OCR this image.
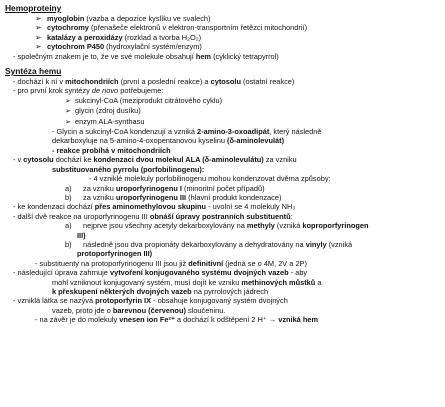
Hemoproteiny
➢ myoglobin (vazba a depozice kyslíku ve svalech)
➢ cytochromy (přenašeče elektronů v elektron-transportním řetězci mitochondrií)
➢ katalázy a peroxidázy (rozklad a tvorba H₂O₂)
➢ cytochrom P450 (hydroxylační systém/enzym)
- společným znakem je to, že ve své molekule obsahují hem (cyklický tetrapyrrol)
Syntéza hemu
- dochází k ní v mitochondriích (první a poslední reakce) a cytosolu (ostatní reakce)
- pro první krok syntézy de novo potřebujeme:
➢ sukcinyl-CoA (meziprodukt citrátového cyklu)
➢ glycin (zdroj dusíku)
➢ enzym ALA-synthasu
- Glycin a sukcinyl-CoA kondenzují a vzniká 2-amino-3-oxoadipát, který následně
dekarboxyluje na 5-amino-4-oxopentanovou kyselinu (δ-aminolevulát)
- reakce probíhá v mitochondriích
- v cytosolu dochází ke kondenzaci dvou molekul ALA (δ-aminolevulátu) za vzniku
substituovaného pyrrolu (porfobilinogenu):
- 4 vzniklé molekuly porfobilinogenu mohou kondenzovat dvěma způsoby:
a) za vzniku uroporfyrinogenu I (minoritní počet případů)
b) za vzniku uroporfyrinogenu III (hlavní produkt kondenzace)
- ke kondenzaci dochází přes aminomethylovou skupinu - uvolní se 4 molekuly NH₃
- další dvě reakce na uroporfyrinogenu III obnáší úpravy postranních substituentů:
a) nejprve jsou všechny acetyly dekarboxylovány na methyly (vzniká koproporfyrinogen
III)
b) následně jsou dva propionáty dekarboxylovány a dehydratovány na vinyly (vzniká
protoporfyrinogen III)
- substituenty na protoporfyrinogenu III jsou již definitivní (jedná se o 4M, 2V a 2P)
- následující úprava zahrnuje vytvoření konjugovaného systému dvojných vazeb - aby
mohl vzniknout konjugovaný systém, musí dojít ke vzniku methinových můstků a
k přeskupení některých dvojných vazeb na pyrrolových jádrech
- vzniklá látka se nazývá protoporfyrin IX - obsahuje konjugovaný systém dvojných
vazeb, proto jde o barevnou (červenou) sloučeninu.
- na závěr je do molekuly vnesen ion Fe²⁺ a dochází k odštěpení 2 H⁺ → vzniká hem
